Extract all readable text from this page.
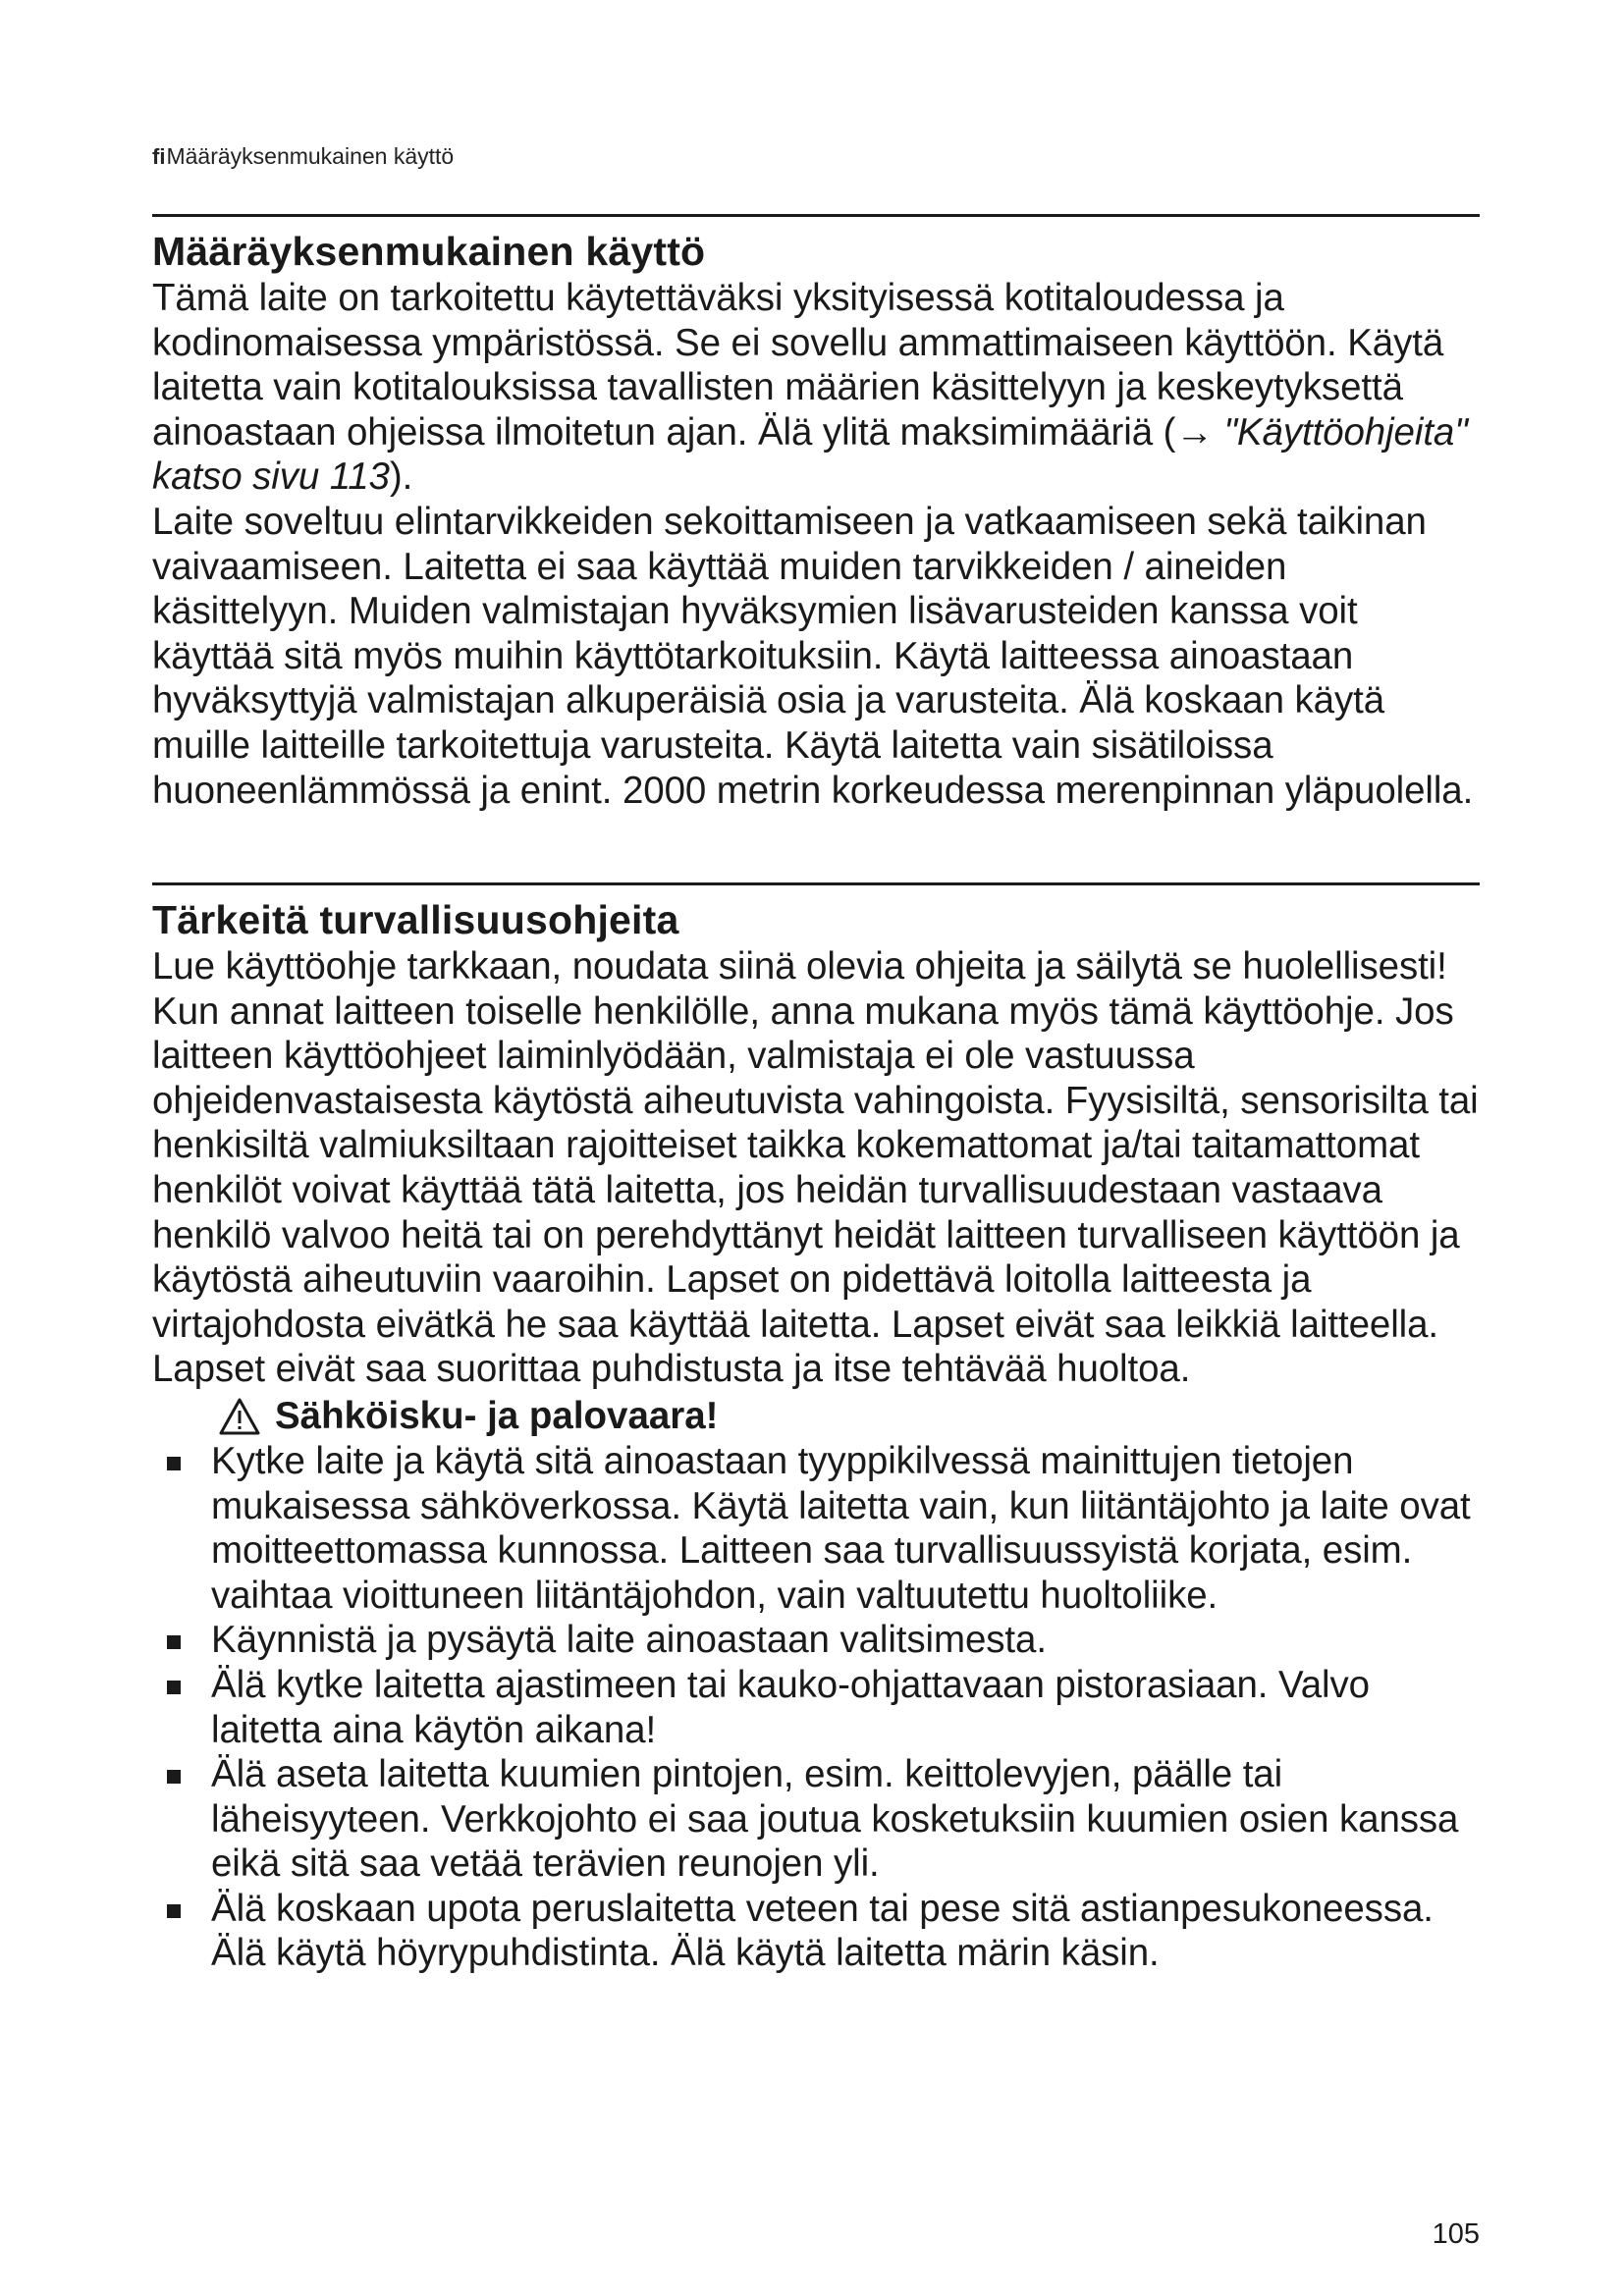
fiMääräyksenmukainen käyttö
Määräyksenmukainen käyttö

Tämä laite on tarkoitettu käytettäväksi yksityisessä kotitaloudessa ja kodinomaisessa ympäristössä. Se ei sovellu ammattimaiseen käyttöön. Käytä laitetta vain kotitalouksissa tavallisten määrien käsittelyyn ja keskeytyksettä ainoastaan ohjeissa ilmoitetun ajan. Älä ylitä maksimimääriä (→ "Käyttöohjeita" katso sivu 113).

Laite soveltuu elintarvikkeiden sekoittamiseen ja vatkaamiseen sekä taikinan vaivaamiseen. Laitetta ei saa käyttää muiden tarvikkeiden / aineiden käsittelyyn. Muiden valmistajan hyväksymien lisävarusteiden kanssa voit käyttää sitä myös muihin käyttötarkoituksiin. Käytä laitteessa ainoastaan hyväksyttyjä valmistajan alkuperäisiä osia ja varusteita. Älä koskaan käytä muille laitteille tarkoitettuja varusteita. Käytä laitetta vain sisätiloissa huoneenlämmössä ja enint. 2000 metrin korkeudessa merenpinnan yläpuolella.

Tärkeitä turvallisuusohjeita

Lue käyttöohje tarkkaan, noudata siinä olevia ohjeita ja säilytä se huolellisesti! Kun annat laitteen toiselle henkilölle, anna mukana myös tämä käyttöohje. Jos laitteen käyttöohjeet laiminlyödään, valmistaja ei ole vastuussa ohjeidenvastaisesta käytöstä aiheutuvista vahingoista. Fyysisiltä, sensorisilta tai henkisiltä valmiuksiltaan rajoitteiset taikka kokemattomat ja/tai taitamattomat henkilöt voivat käyttää tätä laitetta, jos heidän turvallisuudestaan vastaava henkilö valvoo heitä tai on perehdyttänyt heidät laitteen turvalliseen käyttöön ja käytöstä aiheutuviin vaaroihin. Lapset on pidettävä loitolla laitteesta ja virtajohdosta eivätkä he saa käyttää laitetta. Lapset eivät saa leikkiä laitteella. Lapset eivät saa suorittaa puhdistusta ja itse tehtävää huoltoa.

Sähköisku- ja palovaara!
Kytke laite ja käytä sitä ainoastaan tyyppikilvessä mainittujen tietojen mukaisessa sähköverkossa. Käytä laitetta vain, kun liitäntäjohto ja laite ovat moitteettomassa kunnossa. Laitteen saa turvallisuussyistä korjata, esim. vaihtaa vioittuneen liitäntäjohdon, vain valtuutettu huoltoliike.
Käynnistä ja pysäytä laite ainoastaan valitsimesta.
Älä kytke laitetta ajastimeen tai kauko-ohjattavaan pistorasiaan. Valvo laitetta aina käytön aikana!
Älä aseta laitetta kuumien pintojen, esim. keittolevyjen, päälle tai läheisyyteen. Verkkojohto ei saa joutua kosketuksiin kuumien osien kanssa eikä sitä saa vetää terävien reunojen yli.
Älä koskaan upota peruslaitetta veteen tai pese sitä astianpesukoneessa. Älä käytä höyrypuhdistinta. Älä käytä laitetta märin käsin.
105
